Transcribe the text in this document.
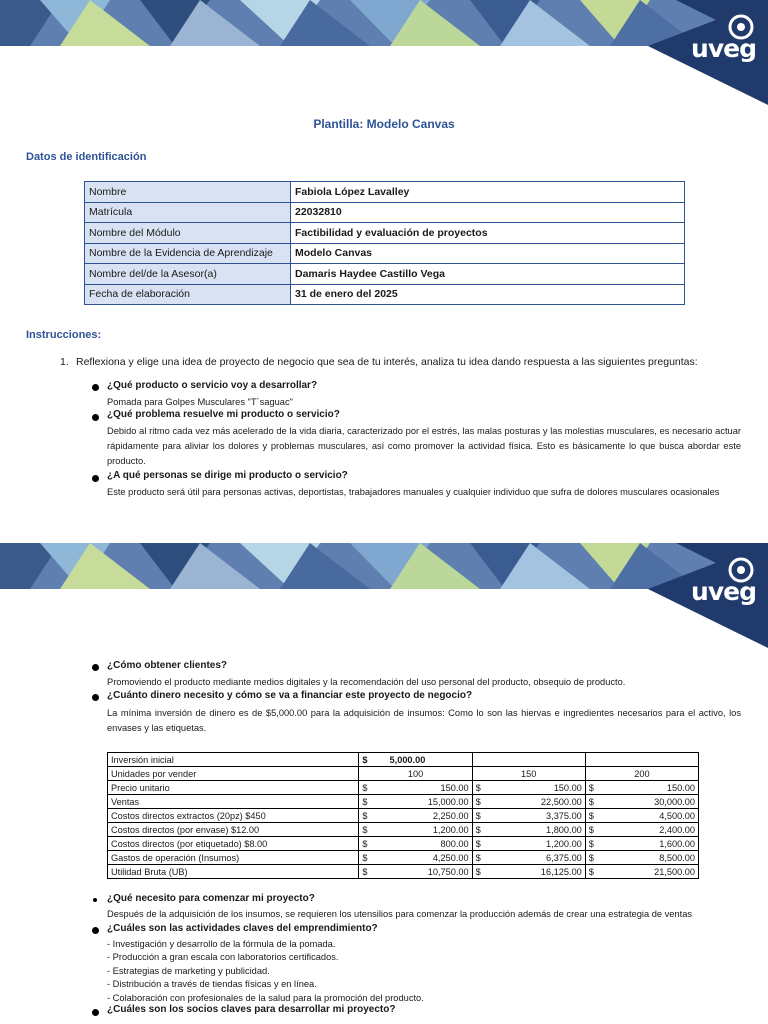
uveg
Plantilla: Modelo Canvas
Datos de identificación
Nombre	Fabiola López Lavalley
Matrícula	22032810
Nombre del Módulo	Factibilidad y evaluación de proyectos
Nombre de la Evidencia de Aprendizaje	Modelo Canvas
Nombre del/de la Asesor(a)	Damaris Haydee Castillo Vega
Fecha de elaboración	31 de enero del 2025
Instrucciones:
1. Reflexiona y elige una idea de proyecto de negocio que sea de tu interés, analiza tu idea dando respuesta a las siguientes preguntas:
¿Qué producto o servicio voy a desarrollar?
Pomada para Golpes Musculares "T´saguac"
¿Qué problema resuelve mi producto o servicio?
Debido al ritmo cada vez más acelerado de la vida diaria, caracterizado por el estrés, las malas posturas y las molestias musculares, es necesario actuar rápidamente para aliviar los dolores y problemas musculares, así como promover la actividad física. Esto es básicamente lo que busca abordar este producto.
¿A qué personas se dirige mi producto o servicio?
Este producto será útil para personas activas, deportistas, trabajadores manuales y cualquier individuo que sufra de dolores musculares ocasionales
uveg
¿Cómo obtener clientes?
Promoviendo el producto mediante medios digitales y la recomendación del uso personal del producto, obsequio de producto.
¿Cuánto dinero necesito y cómo se va a financiar este proyecto de negocio?
La mínima inversión de dinero es de $5,000.00 para la adquisición de insumos: Como lo son las hiervas e ingredientes necesarios para el activo, los envases y las etiquetas.
Inversión inicial	$ 5,000.00		

Unidades por vender	100	150	200
Precio unitario	$ 150.00	$ 150.00	$ 150.00

Ventas	$ 15,000.00	$ 22,500.00	$ 30,000.00

Costos directos extractos (20pz) $450	$ 2,250.00	$ 3,375.00	$ 4,500.00

Costos directos (por envase) $12.00	$ 1,200.00	$ 1,800.00	$ 2,400.00

Costos directos (por etiquetado) $8.00	$ 800.00	$ 1,200.00	$ 1,600.00

Gastos de operación (Insumos)	$ 4,250.00	$ 6,375.00	$ 8,500.00

Utilidad Bruta (UB)	$ 10,750.00	$ 16,125.00	$ 21,500.00
¿Qué necesito para comenzar mi proyecto?
Después de la adquisición de los insumos, se requieren los utensilios para comenzar la producción además de crear una estrategia de ventas
¿Cuáles son las actividades claves del emprendimiento?
- Investigación y desarrollo de la fórmula de la pomada.
- Producción a gran escala con laboratorios certificados.
- Estrategias de marketing y publicidad.
- Distribución a través de tiendas físicas y en línea.
- Colaboración con profesionales de la salud para la promoción del producto.
¿Cuáles son los socios claves para desarrollar mi proyecto?
